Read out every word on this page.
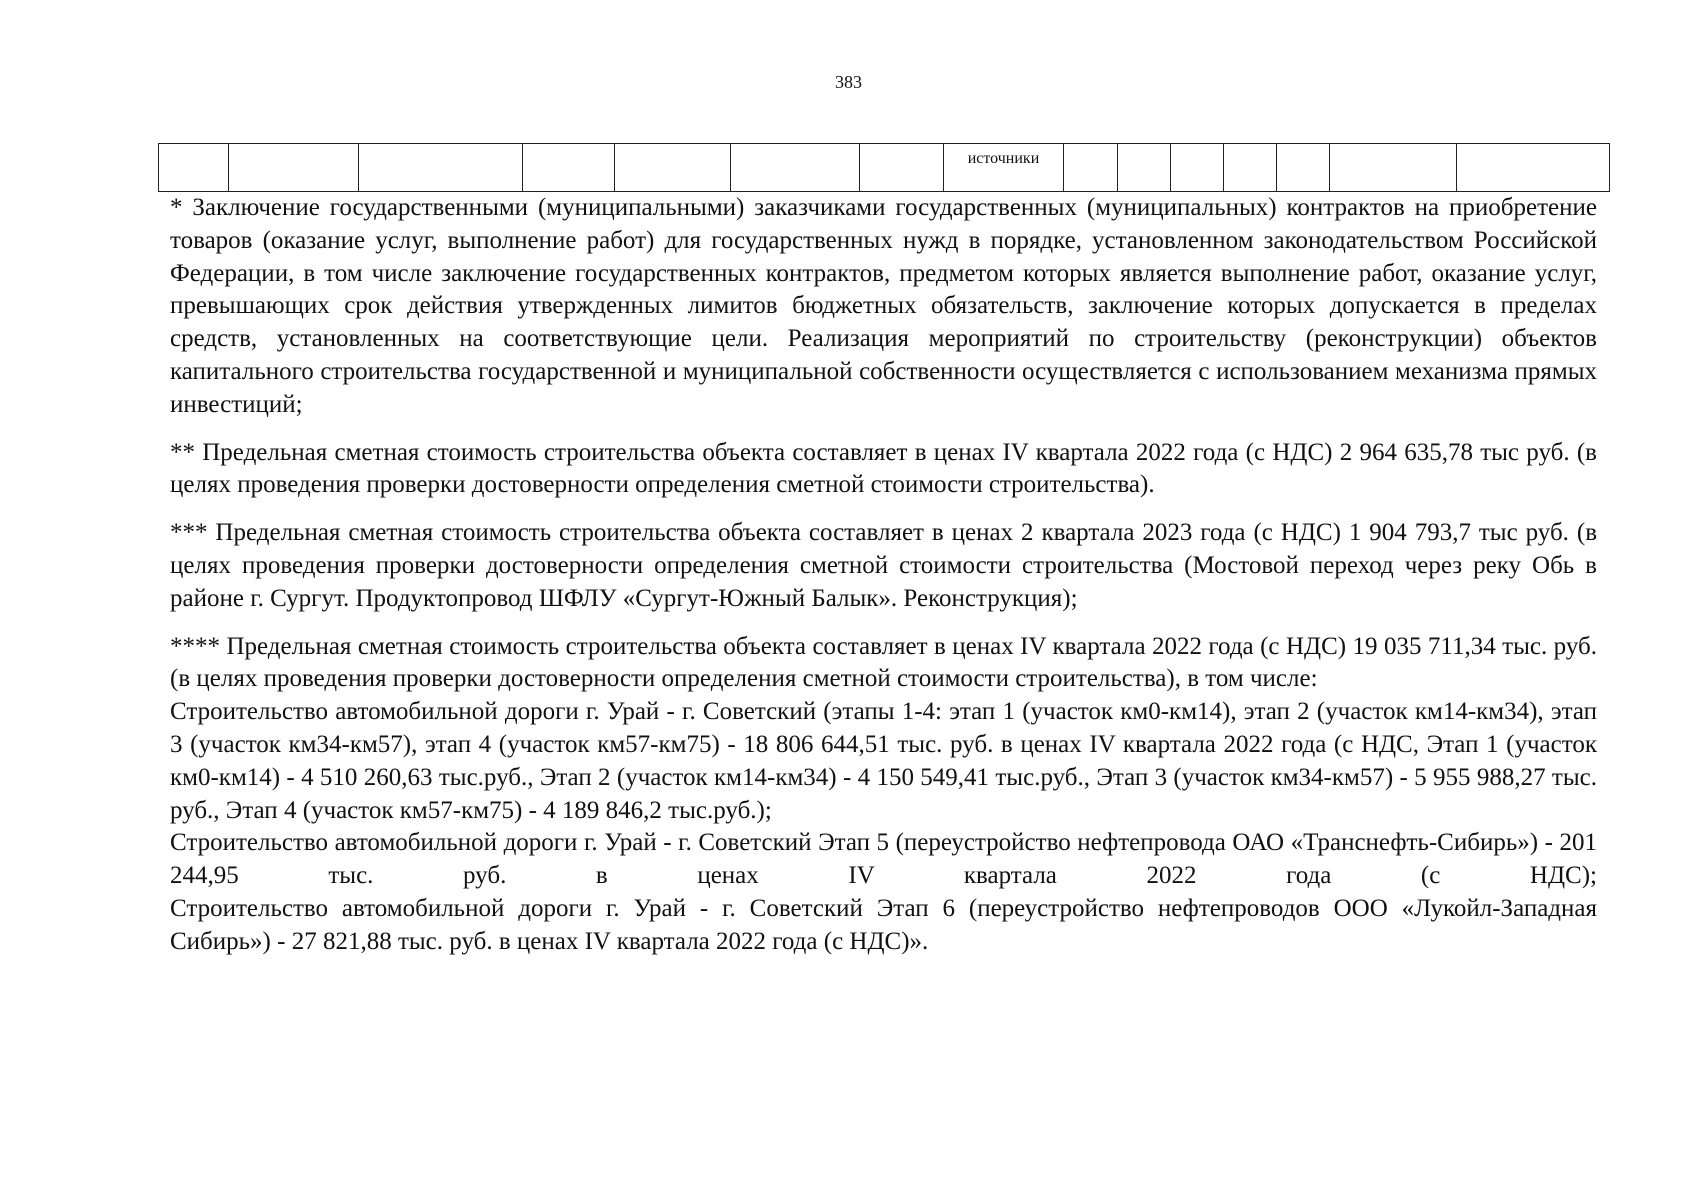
383

источники

* Заключение государственными (муниципальными) заказчиками государственных (муниципальных) контрактов на приобретение товаров (оказание услуг, выполнение работ) для государственных нужд в порядке, установленном законодательством Российской Федерации, в том числе заключение государственных контрактов, предметом которых является выполнение работ, оказание услуг, превышающих срок действия утвержденных лимитов бюджетных обязательств, заключение которых допускается в пределах средств, установленных на соответствующие цели. Реализация мероприятий по строительству (реконструкции) объектов капитального строительства государственной и муниципальной собственности осуществляется с использованием механизма прямых инвестиций;

** Предельная сметная стоимость строительства объекта составляет в ценах IV квартала 2022 года (с НДС) 2 964 635,78 тыс руб. (в целях проведения проверки достоверности определения сметной стоимости строительства).

*** Предельная сметная стоимость строительства объекта составляет в ценах 2 квартала 2023 года (с НДС) 1 904 793,7 тыс руб. (в целях проведения проверки достоверности определения сметной стоимости строительства (Мостовой переход через реку Обь в районе г. Сургут. Продуктопровод ШФЛУ «Сургут-Южный Балык». Реконструкция);

**** Предельная сметная стоимость строительства объекта составляет в ценах IV квартала 2022 года (с НДС) 19 035 711,34 тыс. руб. (в целях проведения проверки достоверности определения сметной стоимости строительства), в том числе:

Строительство автомобильной дороги г. Урай - г. Советский (этапы 1-4: этап 1 (участок км0-км14), этап 2 (участок км14-км34), этап 3 (участок км34-км57), этап 4 (участок км57-км75) - 18 806 644,51 тыс. руб. в ценах IV квартала 2022 года (с НДС, Этап 1 (участок км0-км14) - 4 510 260,63 тыс.руб., Этап 2 (участок км14-км34) - 4 150 549,41 тыс.руб., Этап 3 (участок км34-км57) - 5 955 988,27 тыс. руб., Этап 4 (участок км57-км75) - 4 189 846,2 тыс.руб.);

Строительство автомобильной дороги г. Урай - г. Советский Этап 5 (переустройство нефтепровода ОАО «Транснефть-Сибирь») - 201 244,95 тыс. руб. в ценах IV квартала 2022 года (с НДС);

Строительство автомобильной дороги г. Урай - г. Советский Этап 6 (переустройство нефтепроводов ООО «Лукойл-Западная Сибирь») - 27 821,88 тыс. руб. в ценах IV квартала 2022 года (с НДС)».
